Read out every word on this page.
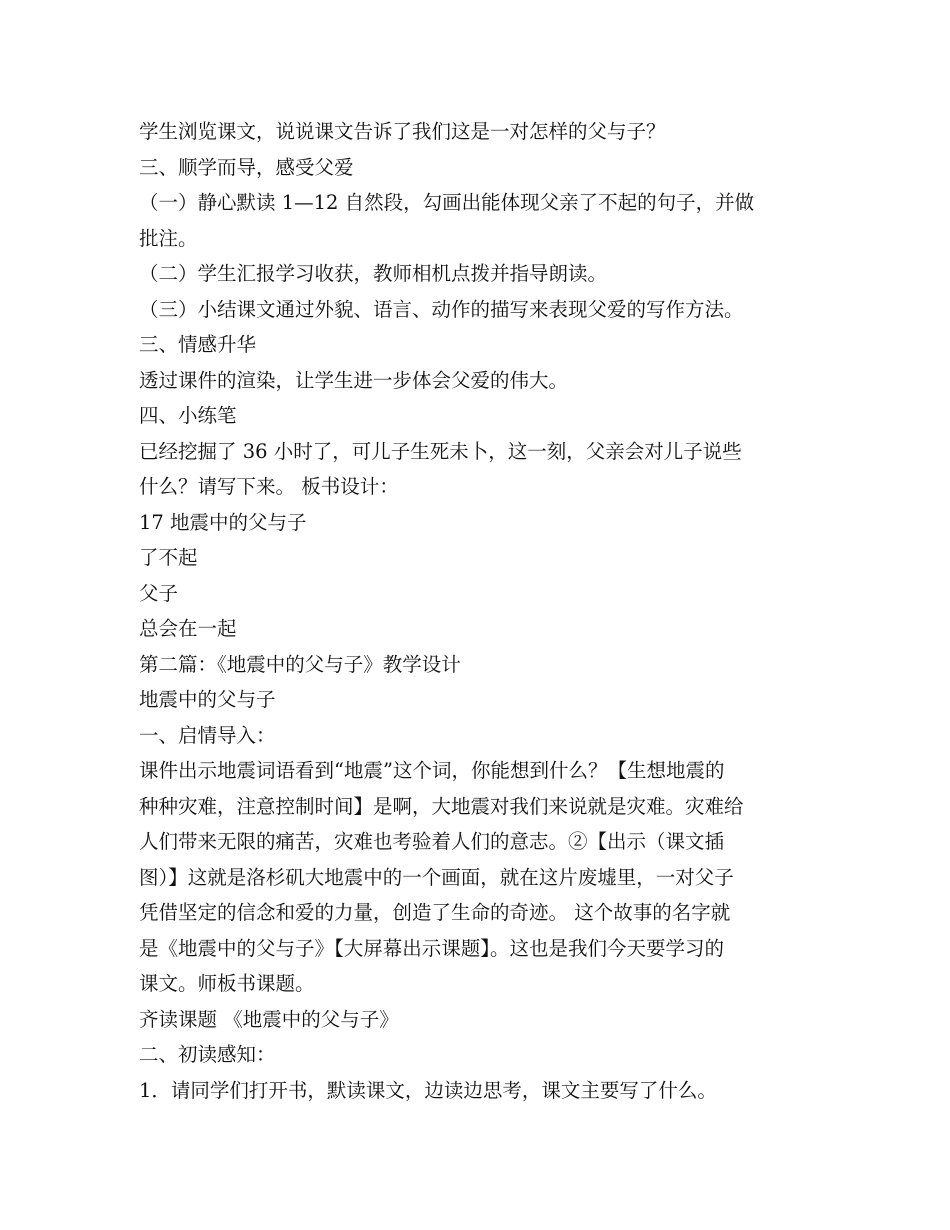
学生浏览课文，说说课文告诉了我们这是一对怎样的父与子？

三、顺学而导，感受父爱

（一）静心默读 1—12 自然段，勾画出能体现父亲了不起的句子，并做

批注。

（二）学生汇报学习收获，教师相机点拨并指导朗读。

（三）小结课文通过外貌、语言、动作的描写来表现父爱的写作方法。

三、情感升华

透过课件的渲染，让学生进一步体会父爱的伟大。

四、小练笔

已经挖掘了 36 小时了，可儿子生死未卜，这一刻，父亲会对儿子说些

什么？请写下来。 板书设计：

17 地震中的父与子

了不起

父子

总会在一起

第二篇：《地震中的父与子》教学设计

地震中的父与子

一、启情导入：

课件出示地震词语看到“地震”这个词，你能想到什么？【生想地震的

种种灾难，注意控制时间】是啊，大地震对我们来说就是灾难。灾难给

人们带来无限的痛苦，灾难也考验着人们的意志。②【出示（课文插

图）】这就是洛杉矶大地震中的一个画面，就在这片废墟里，一对父子

凭借坚定的信念和爱的力量，创造了生命的奇迹。 这个故事的名字就

是《地震中的父与子》【大屏幕出示课题】。这也是我们今天要学习的

课文。师板书课题。

齐读课题 《地震中的父与子》

二、初读感知：

1．请同学们打开书，默读课文，边读边思考，课文主要写了什么。
